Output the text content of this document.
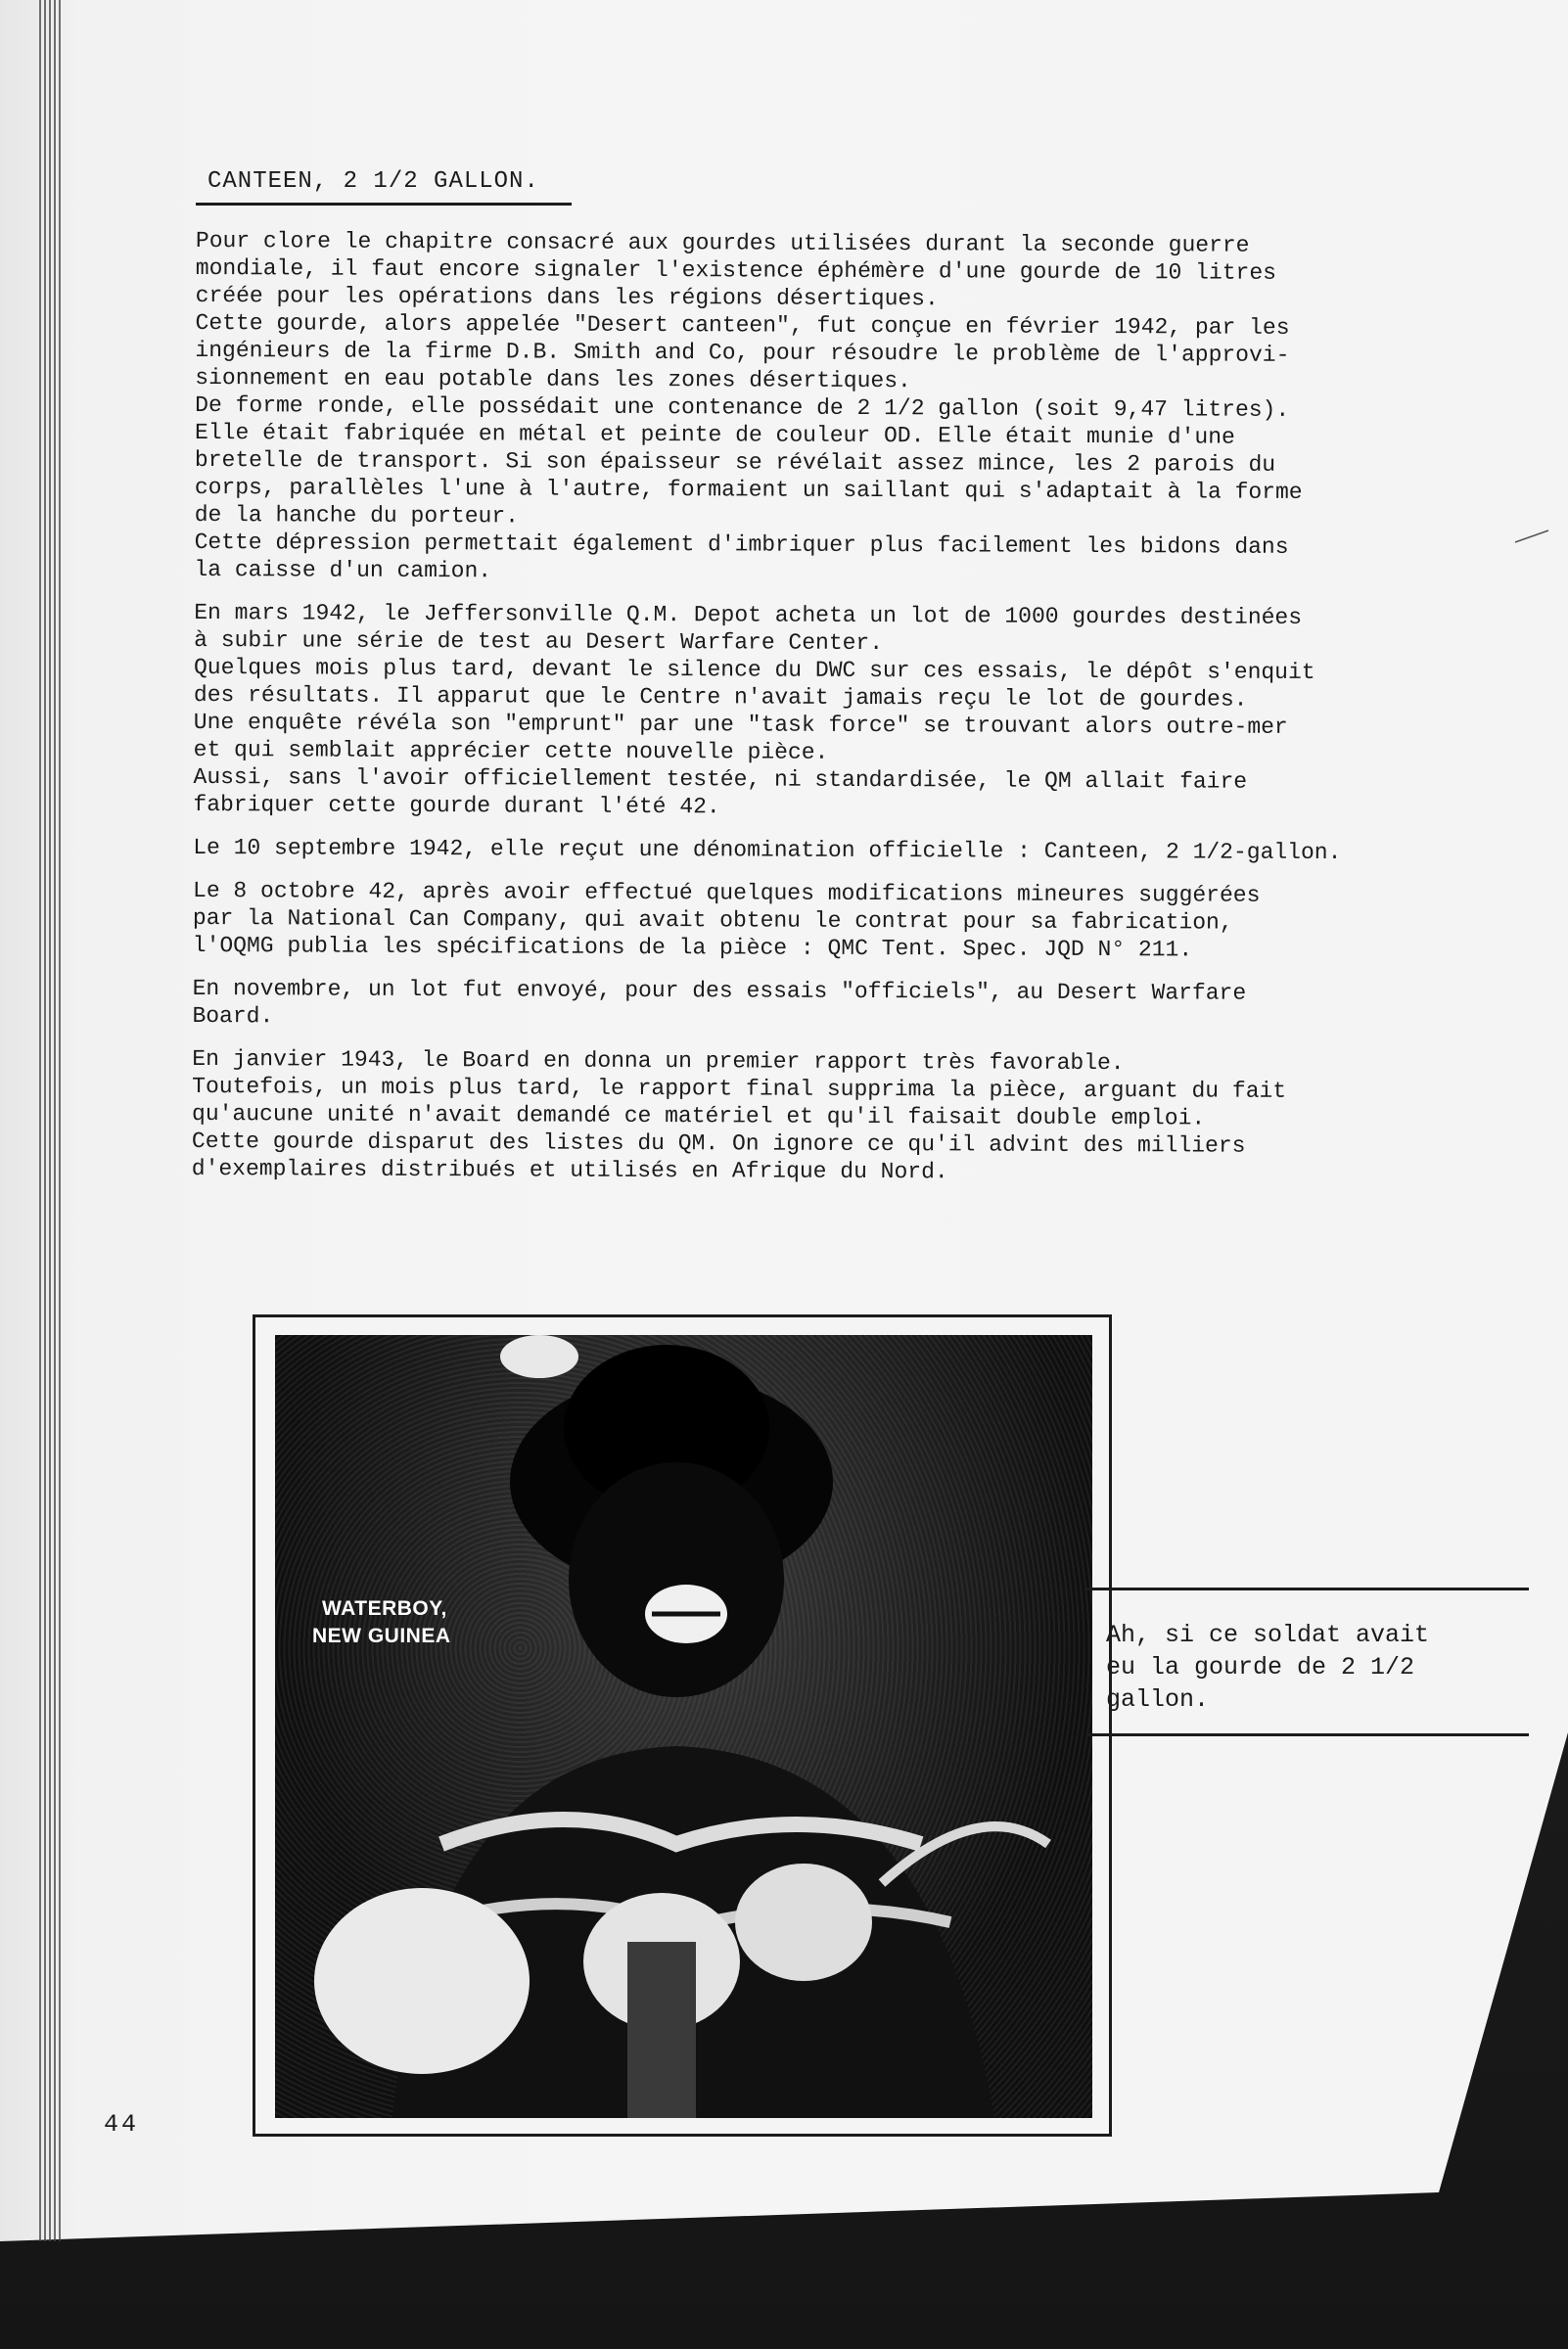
CANTEEN, 2 1/2 GALLON.
Pour clore le chapitre consacré aux gourdes utilisées durant la seconde guerre
mondiale, il faut encore signaler l'existence éphémère d'une gourde de 10 litres
créée pour les opérations dans les régions désertiques.
Cette gourde, alors appelée "Desert canteen", fut conçue en février 1942, par les
ingénieurs de la firme D.B. Smith and Co, pour résoudre le problème de l'approvi-
sionnement en eau potable dans les zones désertiques.
De forme ronde, elle possédait une contenance de 2 1/2 gallon (soit 9,47 litres).
Elle était fabriquée en métal et peinte de couleur OD. Elle était munie d'une
bretelle de transport. Si son épaisseur se révélait assez mince, les 2 parois du
corps, parallèles l'une à l'autre, formaient un saillant qui s'adaptait à la forme
de la hanche du porteur.
Cette dépression permettait également d'imbriquer plus facilement les bidons dans
la caisse d'un camion.
En mars 1942, le Jeffersonville Q.M. Depot acheta un lot de 1000 gourdes destinées
à subir une série de test au Desert Warfare Center.
Quelques mois plus tard, devant le silence du DWC sur ces essais, le dépôt s'enquit
des résultats. Il apparut que le Centre n'avait jamais reçu le lot de gourdes.
Une enquête révéla son "emprunt" par une "task force" se trouvant alors outre-mer
et qui semblait apprécier cette nouvelle pièce.
Aussi, sans l'avoir officiellement testée, ni standardisée, le QM allait faire
fabriquer cette gourde durant l'été 42.
Le 10 septembre 1942, elle reçut une dénomination officielle : Canteen, 2 1/2-gallon.
Le 8 octobre 42, après avoir effectué quelques modifications mineures suggérées
par la National Can Company, qui avait obtenu le contrat pour sa fabrication,
l'OQMG publia les spécifications de la pièce : QMC Tent. Spec. JQD N° 211.
En novembre, un lot fut envoyé, pour des essais "officiels", au Desert Warfare
Board.
En janvier 1943, le Board en donna un premier rapport très favorable.
Toutefois, un mois plus tard, le rapport final supprima la pièce, arguant du fait
qu'aucune unité n'avait demandé ce matériel et qu'il faisait double emploi.
Cette gourde disparut des listes du QM. On ignore ce qu'il advint des milliers
d'exemplaires distribués et utilisés en Afrique du Nord.
WATERBOY,
NEW GUINEA	Ah, si ce soldat avait
eu la gourde de 2 1/2
gallon.
44
